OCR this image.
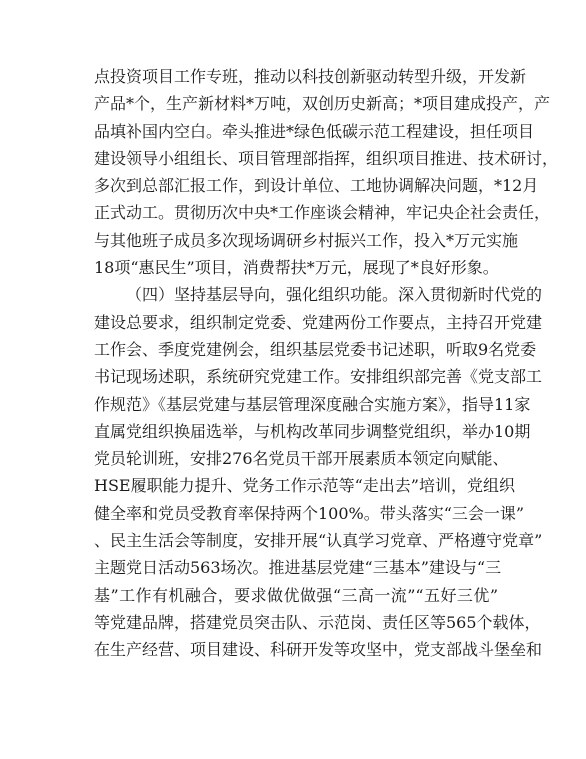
点投资项目工作专班，推动以科技创新驱动转型升级，开发新
产品*个，生产新材料*万吨，双创历史新高；*项目建成投产，产
品填补国内空白。牵头推进*绿色低碳示范工程建设，担任项目
建设领导小组组长、项目管理部指挥，组织项目推进、技术研讨，
多次到总部汇报工作，到设计单位、工地协调解决问题，*12月
正式动工。贯彻历次中央*工作座谈会精神，牢记央企社会责任，
与其他班子成员多次现场调研乡村振兴工作，投入*万元实施
18项“惠民生”项目，消费帮扶*万元，展现了*良好形象。
（四）坚持基层导向，强化组织功能。深入贯彻新时代党的
建设总要求，组织制定党委、党建两份工作要点，主持召开党建
工作会、季度党建例会，组织基层党委书记述职，听取9名党委
书记现场述职，系统研究党建工作。安排组织部完善《党支部工
作规范》《基层党建与基层管理深度融合实施方案》，指导11家
直属党组织换届选举，与机构改革同步调整党组织，举办10期
党员轮训班，安排276名党员干部开展素质本领定向赋能、
HSE履职能力提升、党务工作示范等“走出去”培训，党组织
健全率和党员受教育率保持两个100%。带头落实“三会一课”
、民主生活会等制度，安排开展“认真学习党章、严格遵守党章”
主题党日活动563场次。推进基层党建“三基本”建设与“三
基”工作有机融合，要求做优做强“三高一流”“五好三优”
等党建品牌，搭建党员突击队、示范岗、责任区等565个载体，
在生产经营、项目建设、科研开发等攻坚中，党支部战斗堡垒和
